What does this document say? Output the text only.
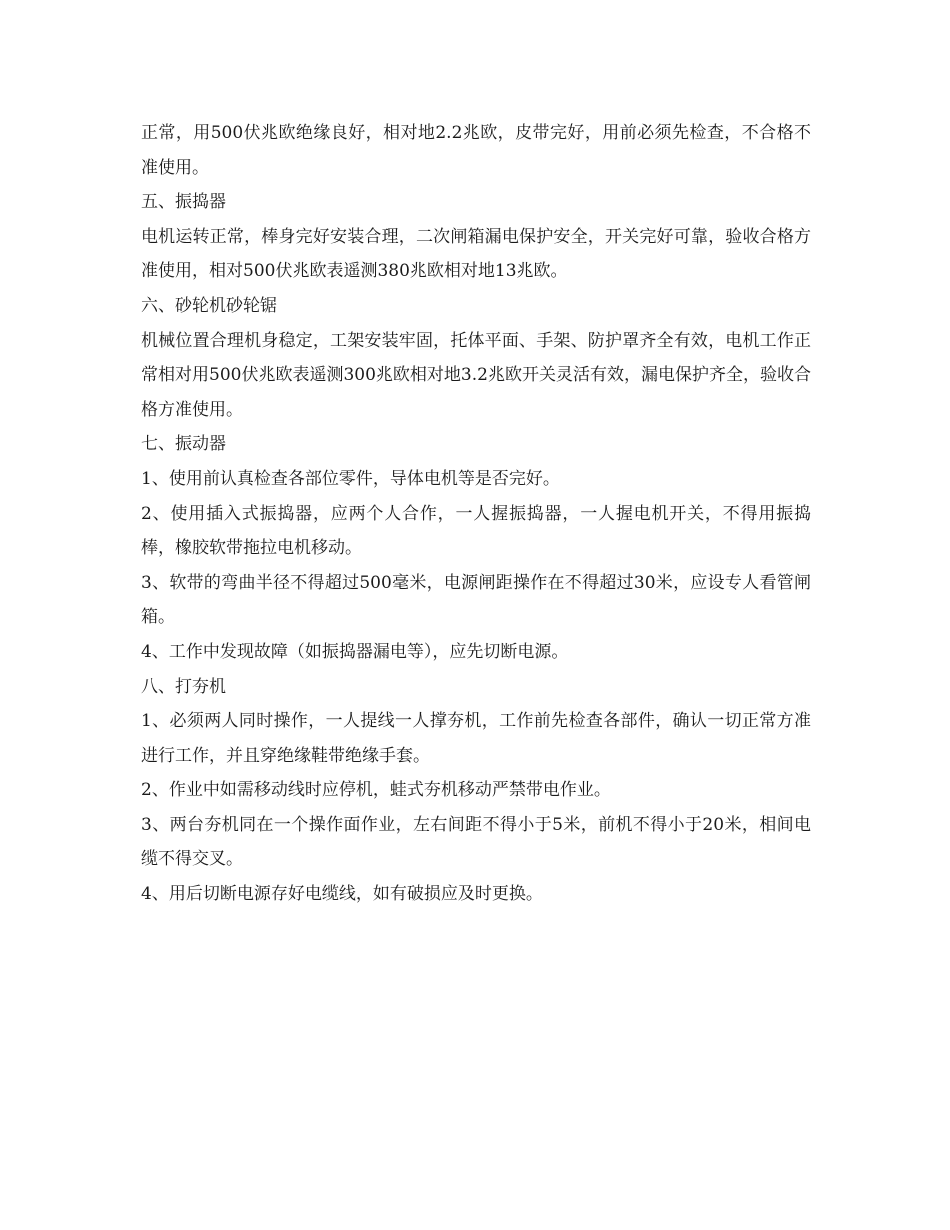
正常，用500伏兆欧绝缘良好，相对地2.2兆欧，皮带完好，用前必须先检查，不合格不准使用。

五、振捣器

电机运转正常，棒身完好安装合理，二次闸箱漏电保护安全，开关完好可靠，验收合格方准使用，相对500伏兆欧表遥测380兆欧相对地13兆欧。

六、砂轮机砂轮锯

机械位置合理机身稳定，工架安装牢固，托体平面、手架、防护罩齐全有效，电机工作正常相对用500伏兆欧表遥测300兆欧相对地3.2兆欧开关灵活有效，漏电保护齐全，验收合格方准使用。

七、振动器

1、使用前认真检查各部位零件，导体电机等是否完好。

2、使用插入式振捣器，应两个人合作，一人握振捣器，一人握电机开关，不得用振捣棒，橡胶软带拖拉电机移动。

3、软带的弯曲半径不得超过500毫米，电源闸距操作在不得超过30米，应设专人看管闸箱。

4、工作中发现故障（如振捣器漏电等），应先切断电源。

八、打夯机

1、必须两人同时操作，一人提线一人撑夯机，工作前先检查各部件，确认一切正常方准进行工作，并且穿绝缘鞋带绝缘手套。

2、作业中如需移动线时应停机，蛙式夯机移动严禁带电作业。

3、两台夯机同在一个操作面作业，左右间距不得小于5米，前机不得小于20米，相间电缆不得交叉。

4、用后切断电源存好电缆线，如有破损应及时更换。
